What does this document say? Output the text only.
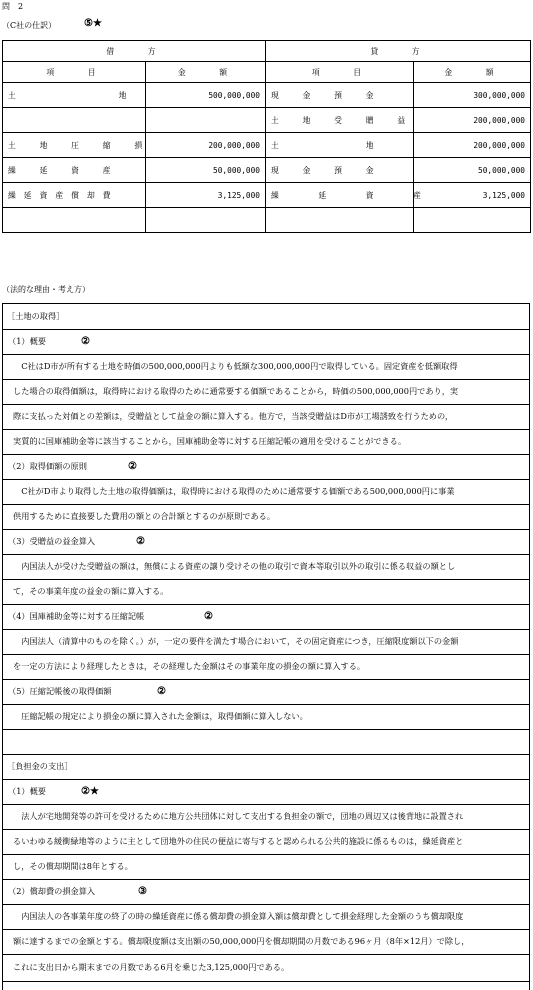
問　2
（C社の仕訳）	⑤★
借　　方		貸　　方	
項　　目	金　　額	項　　目	金　　額
土　　　　　　地	500,000,000	現　金　預　金	300,000,000
		土　地　受　贈　益	200,000,000
土　地　圧　縮　損	200,000,000	土　　　　　地	200,000,000
繰　延　資　産	50,000,000	現　金　預　金	50,000,000
繰延資産償却費	3,125,000	繰　　延　　資　　産	3,125,000

（法的な理由・考え方）
［土地の取得］
（1）概要	②
　C社はD市が所有する土地を時価の500,000,000円よりも低額な300,000,000円で取得している。固定資産を低額取得
した場合の取得価額は，取得時における取得のために通常要する価額であることから，時価の500,000,000円であり，実
際に支払った対価との差額は，受贈益として益金の額に算入する。他方で，当該受贈益はD市が工場誘致を行うための，
実質的に国庫補助金等に該当することから，国庫補助金等に対する圧縮記帳の適用を受けることができる。
（2）取得価額の原則	②
　C社がD市より取得した土地の取得価額は，取得時における取得のために通常要する価額である500,000,000円に事業
供用するために直接要した費用の額との合計額とするのが原則である。
（3）受贈益の益金算入	②
　内国法人が受けた受贈益の額は，無償による資産の譲り受けその他の取引で資本等取引以外の取引に係る収益の額とし
て，その事業年度の益金の額に算入する。
（4）国庫補助金等に対する圧縮記帳	②
　内国法人（清算中のものを除く。）が，一定の要件を満たす場合において，その固定資産につき，圧縮限度額以下の金額
を一定の方法により経理したときは，その経理した金額はその事業年度の損金の額に算入する。
（5）圧縮記帳後の取得価額	②
　圧縮記帳の規定により損金の額に算入された金額は，取得価額に算入しない。
［負担金の支出］
（1）概要	②★
　法人が宅地開発等の許可を受けるために地方公共団体に対して支出する負担金の額で，団地の周辺又は後背地に設置され
るいわゆる緩衝緑地等のように主として団地外の住民の便益に寄与すると認められる公共的施設に係るものは，繰延資産と
し，その償却期間は8年とする。
（2）償却費の損金算入	③
　内国法人の各事業年度の終了の時の繰延資産に係る償却費の損金算入額は償却費として損金経理した金額のうち償却限度
額に達するまでの金額とする。償却限度額は支出額の50,000,000円を償却期間の月数である96ヶ月（8年×12月）で除し，
これに支出日から期末までの月数である6月を乗じた3,125,000円である。
